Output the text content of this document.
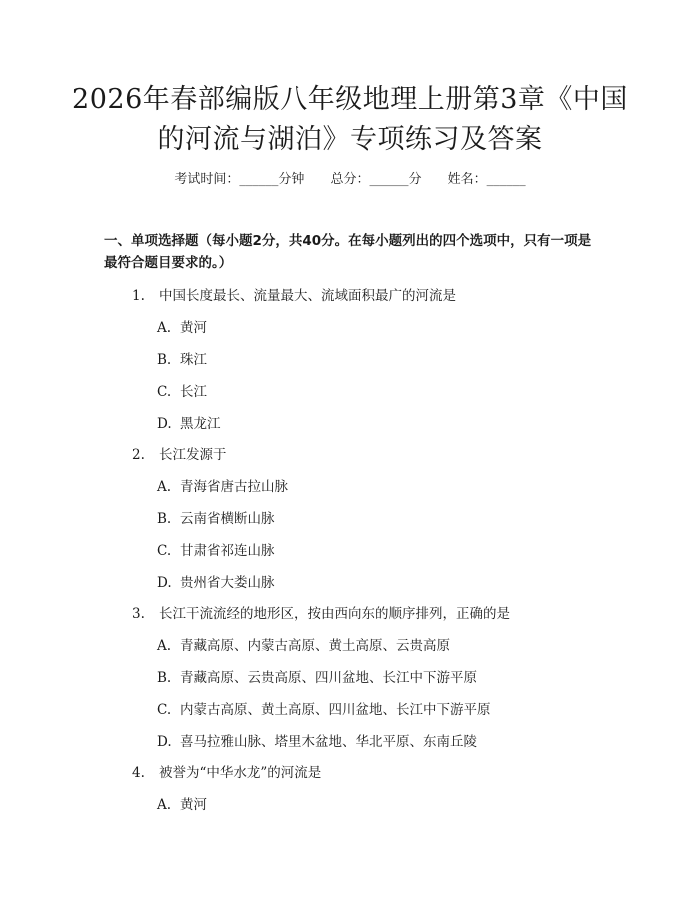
2026年春部编版八年级地理上册第3章《中国的河流与湖泊》专项练习及答案
考试时间：______分钟 总分：______分 姓名：______
一、单项选择题（每小题2分，共40分。在每小题列出的四个选项中，只有一项是最符合题目要求的。）
1. 中国长度最长、流量最大、流域面积最广的河流是
A. 黄河
B. 珠江
C. 长江
D. 黑龙江
2. 长江发源于
A. 青海省唐古拉山脉
B. 云南省横断山脉
C. 甘肃省祁连山脉
D. 贵州省大娄山脉
3. 长江干流流经的地形区，按由西向东的顺序排列，正确的是
A. 青藏高原、内蒙古高原、黄土高原、云贵高原
B. 青藏高原、云贵高原、四川盆地、长江中下游平原
C. 内蒙古高原、黄土高原、四川盆地、长江中下游平原
D. 喜马拉雅山脉、塔里木盆地、华北平原、东南丘陵
4. 被誉为“中华水龙”的河流是
A. 黄河
